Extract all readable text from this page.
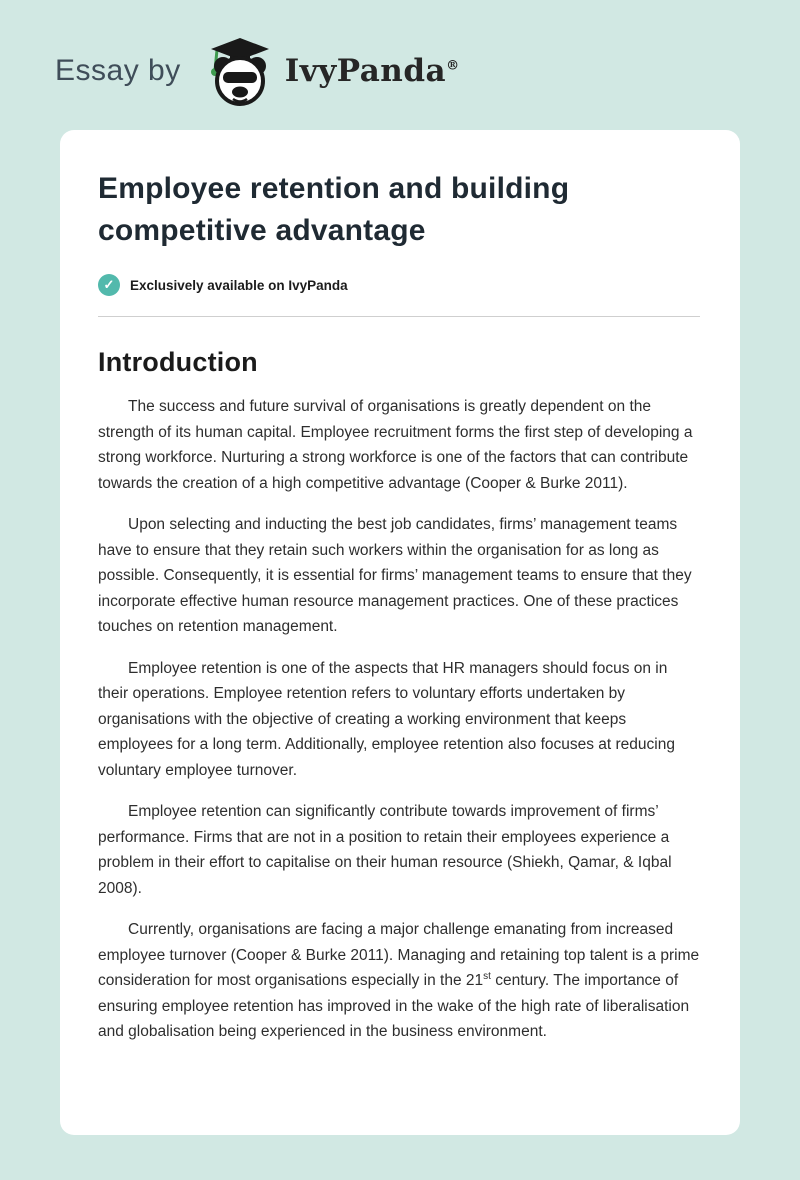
Essay by	IvyPanda®
Employee retention and building competitive advantage
✓	Exclusively available on IvyPanda
Introduction

The success and future survival of organisations is greatly dependent on the strength of its human capital. Employee recruitment forms the first step of developing a strong workforce. Nurturing a strong workforce is one of the factors that can contribute towards the creation of a high competitive advantage (Cooper & Burke 2011).

Upon selecting and inducting the best job candidates, firms’ management teams have to ensure that they retain such workers within the organisation for as long as possible. Consequently, it is essential for firms’ management teams to ensure that they incorporate effective human resource management practices. One of these practices touches on retention management.

Employee retention is one of the aspects that HR managers should focus on in their operations. Employee retention refers to voluntary efforts undertaken by organisations with the objective of creating a working environment that keeps employees for a long term. Additionally, employee retention also focuses at reducing voluntary employee turnover.

Employee retention can significantly contribute towards improvement of firms’ performance. Firms that are not in a position to retain their employees experience a problem in their effort to capitalise on their human resource (Shiekh, Qamar, & Iqbal 2008).

Currently, organisations are facing a major challenge emanating from increased employee turnover (Cooper & Burke 2011). Managing and retaining top talent is a prime consideration for most organisations especially in the 21st century. The importance of ensuring employee retention has improved in the wake of the high rate of liberalisation and globalisation being experienced in the business environment.
